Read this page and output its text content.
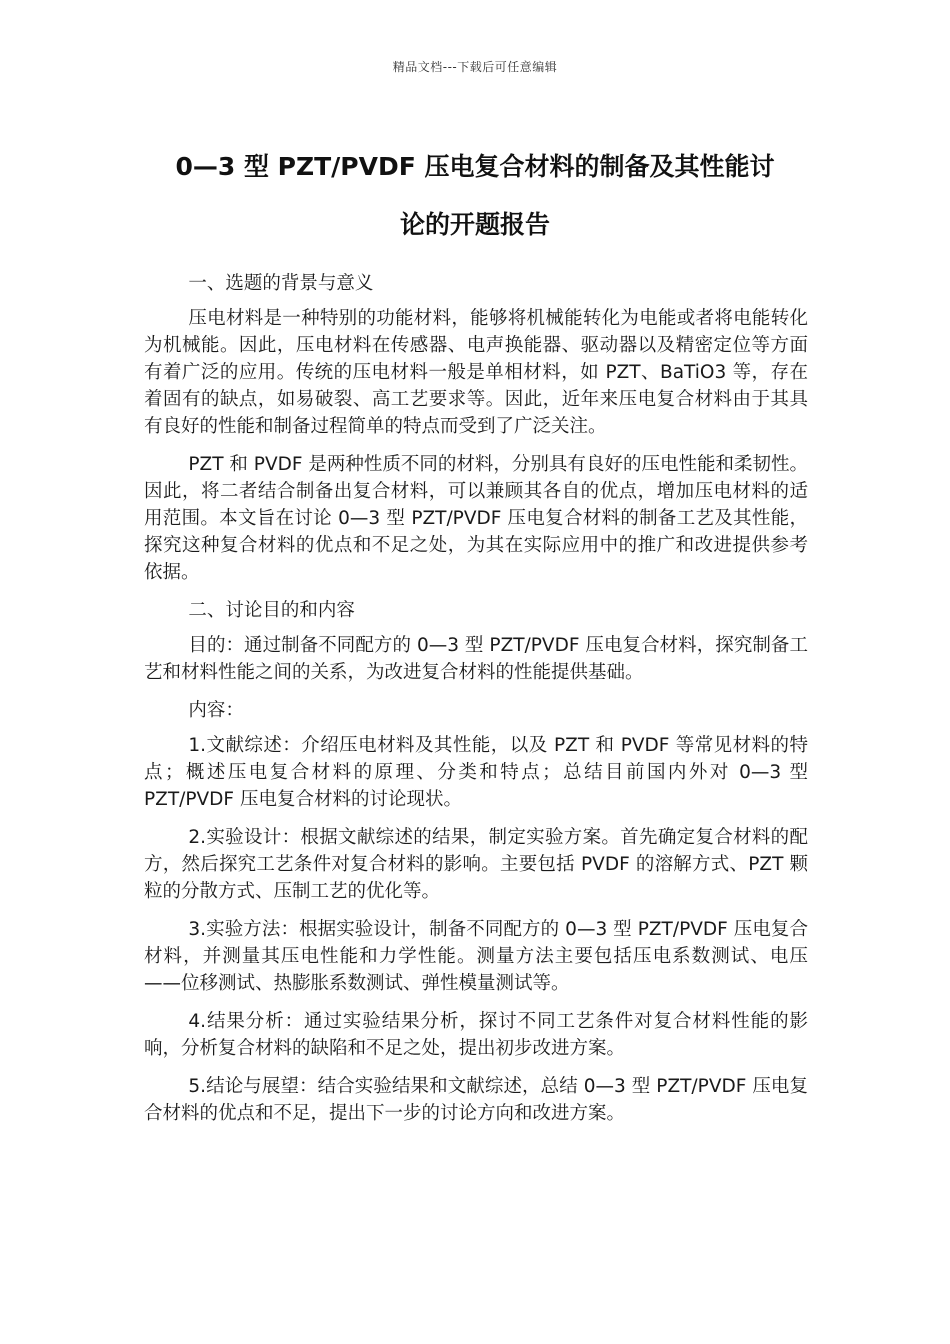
精品文档---下载后可任意编辑
0—3 型 PZT/PVDF 压电复合材料的制备及其性能讨
论的开题报告

一、选题的背景与意义

压电材料是一种特别的功能材料，能够将机械能转化为电能或者将电能转化为机械能。因此，压电材料在传感器、电声换能器、驱动器以及精密定位等方面有着广泛的应用。传统的压电材料一般是单相材料，如 PZT、BaTiO3 等，存在着固有的缺点，如易破裂、高工艺要求等。因此，近年来压电复合材料由于其具有良好的性能和制备过程简单的特点而受到了广泛关注。

PZT 和 PVDF 是两种性质不同的材料，分别具有良好的压电性能和柔韧性。因此，将二者结合制备出复合材料，可以兼顾其各自的优点，增加压电材料的适用范围。本文旨在讨论 0—3 型 PZT/PVDF 压电复合材料的制备工艺及其性能，探究这种复合材料的优点和不足之处，为其在实际应用中的推广和改进提供参考依据。

二、讨论目的和内容

目的：通过制备不同配方的 0—3 型 PZT/PVDF 压电复合材料，探究制备工艺和材料性能之间的关系，为改进复合材料的性能提供基础。

内容：

1.文献综述：介绍压电材料及其性能，以及 PZT 和 PVDF 等常见材料的特点；概述压电复合材料的原理、分类和特点；总结目前国内外对 0—3 型 PZT/PVDF 压电复合材料的讨论现状。

2.实验设计：根据文献综述的结果，制定实验方案。首先确定复合材料的配方，然后探究工艺条件对复合材料的影响。主要包括 PVDF 的溶解方式、PZT 颗粒的分散方式、压制工艺的优化等。

3.实验方法：根据实验设计，制备不同配方的 0—3 型 PZT/PVDF 压电复合材料，并测量其压电性能和力学性能。测量方法主要包括压电系数测试、电压——位移测试、热膨胀系数测试、弹性模量测试等。

4.结果分析：通过实验结果分析，探讨不同工艺条件对复合材料性能的影响，分析复合材料的缺陷和不足之处，提出初步改进方案。

5.结论与展望：结合实验结果和文献综述，总结 0—3 型 PZT/PVDF 压电复合材料的优点和不足，提出下一步的讨论方向和改进方案。
